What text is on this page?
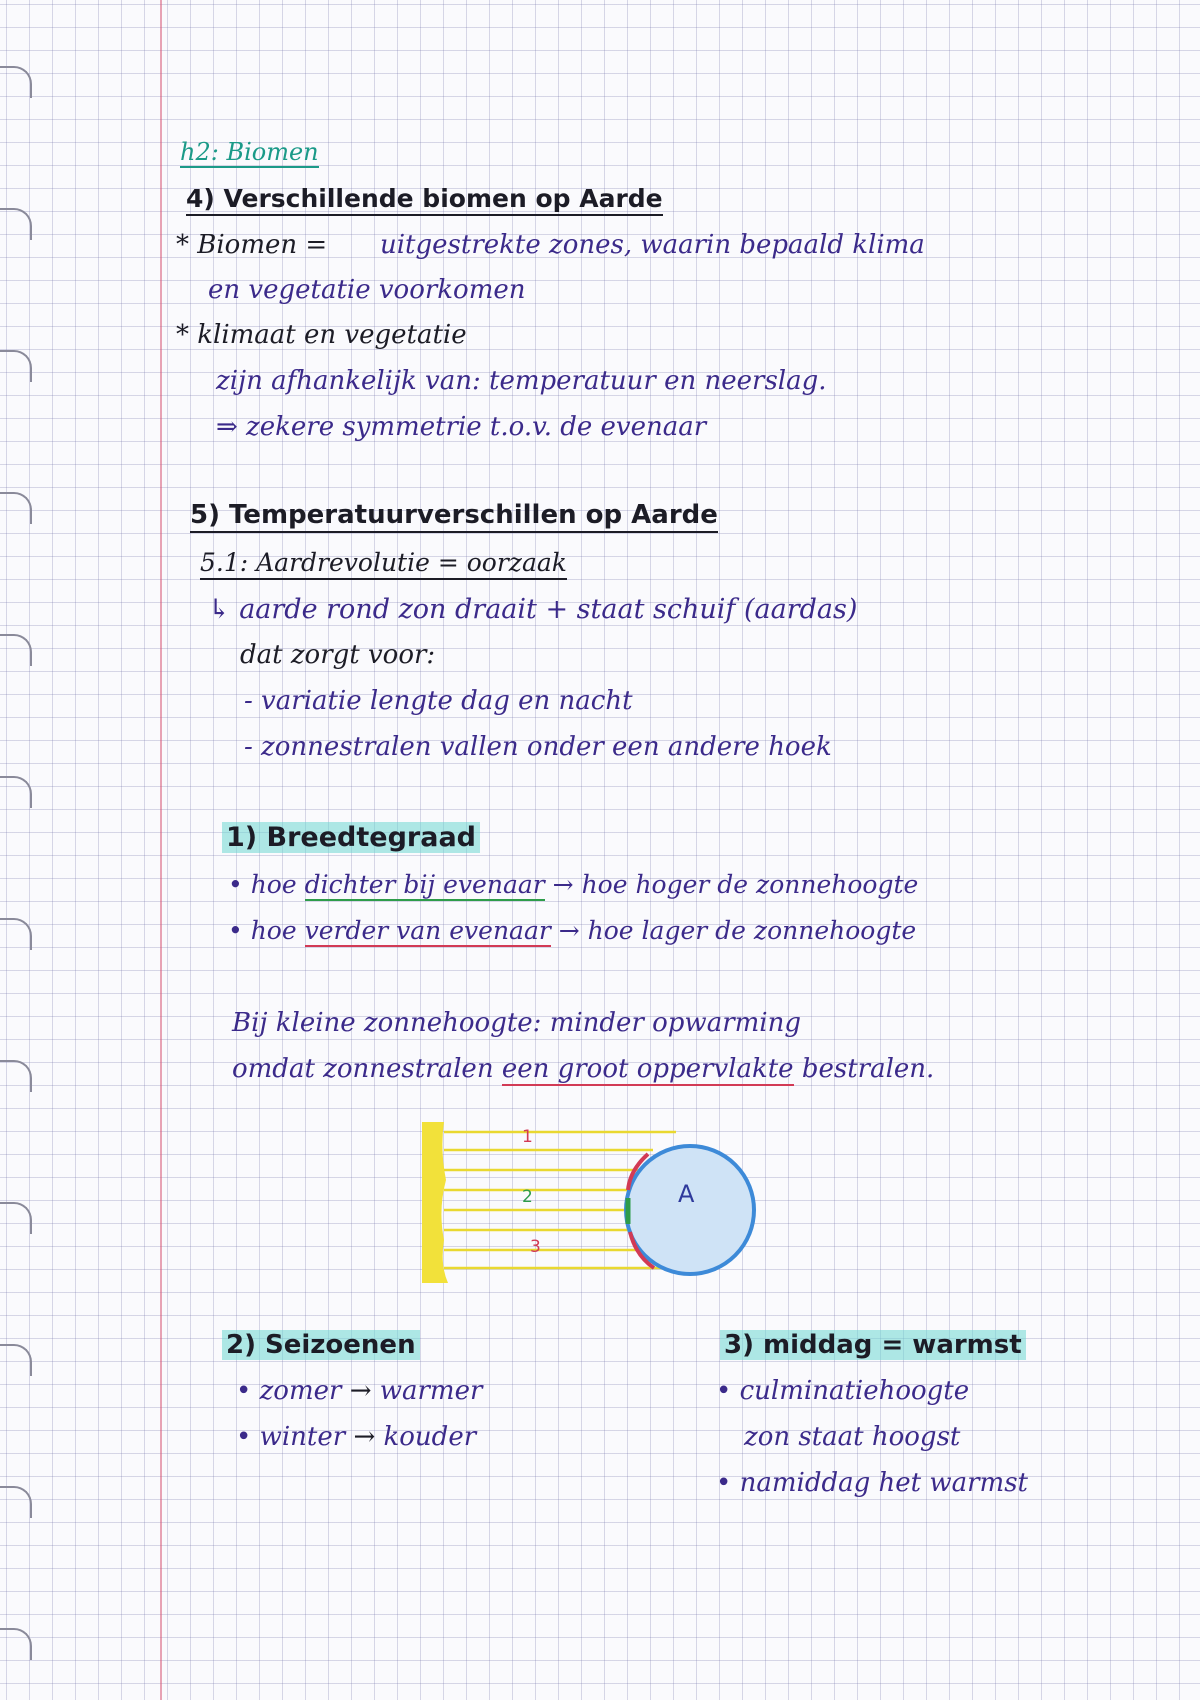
h2: Biomen
4) Verschillende biomen op Aarde
* Biomen = uitgestrekte zones, waarin bepaald klima
en vegetatie voorkomen
* klimaat en vegetatie
zijn afhankelijk van: temperatuur en neerslag.
⇒ zekere symmetrie t.o.v. de evenaar
5) Temperatuurverschillen op Aarde
5.1: Aardrevolutie = oorzaak
↳ aarde rond zon draait + staat schuif (aardas)
dat zorgt voor:
- variatie lengte dag en nacht
- zonnestralen vallen onder een andere hoek
1) Breedtegraad
• hoe dichter bij evenaar → hoe hoger de zonnehoogte
• hoe verder van evenaar → hoe lager de zonnehoogte
Bij kleine zonnehoogte: minder opwarming
omdat zonnestralen een groot oppervlakte bestralen.
1
2
3
A
2) Seizoenen
• zomer → warmer
• winter → kouder
3) middag = warmst
• culminatiehoogte
zon staat hoogst
• namiddag het warmst
